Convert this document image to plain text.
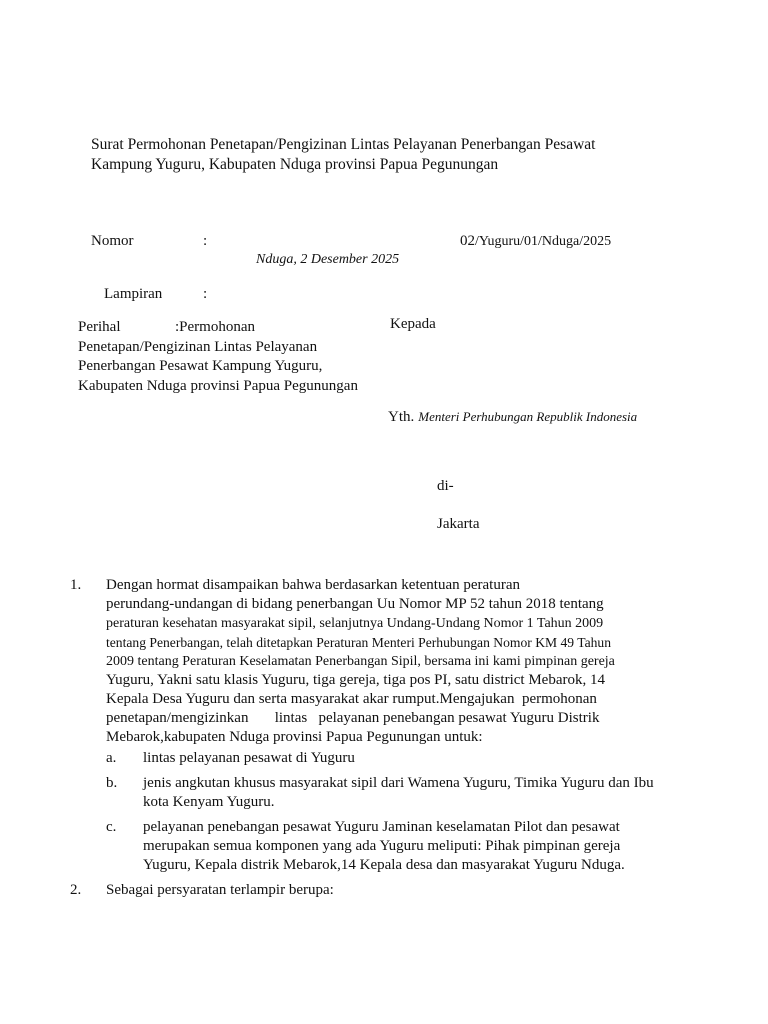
Surat Permohonan Penetapan/Pengizinan Lintas Pelayanan Penerbangan Pesawat
Kampung Yuguru, Kabupaten Nduga provinsi Papua Pegunungan
Nomor	:	02/Yuguru/01/Nduga/2025
Nduga, 2 Desember 2025
Lampiran	:
Perihal	:Permohonan Penetapan/Pengizinan Lintas Pelayanan Penerbangan Pesawat Kampung Yuguru, Kabupaten Nduga provinsi Papua Pegunungan
Kepada
Yth. Menteri Perhubungan Republik Indonesia
di-
Jakarta
1. Dengan hormat disampaikan bahwa berdasarkan ketentuan peraturan
perundang-undangan di bidang penerbangan Uu Nomor MP 52 tahun 2018 tentang
peraturan kesehatan masyarakat sipil, selanjutnya Undang-Undang Nomor 1 Tahun 2009
tentang Penerbangan, telah ditetapkan Peraturan Menteri Perhubungan Nomor KM 49 Tahun
2009 tentang Peraturan Keselamatan Penerbangan Sipil, bersama ini kami pimpinan gereja
Yuguru, Yakni satu klasis Yuguru, tiga gereja, tiga pos PI, satu district Mebarok, 14
Kepala Desa Yuguru dan serta masyarakat akar rumput.Mengajukan  permohonan
penetapan/mengizinkan       lintas   pelayanan penebangan pesawat Yuguru Distrik
Mebarok,kabupaten Nduga provinsi Papua Pegunungan untuk:
a. lintas pelayanan pesawat di Yuguru
b. jenis angkutan khusus masyarakat sipil dari Wamena Yuguru, Timika Yuguru dan Ibu
kota Kenyam Yuguru.
c. pelayanan penebangan pesawat Yuguru Jaminan keselamatan Pilot dan pesawat
merupakan semua komponen yang ada Yuguru meliputi: Pihak pimpinan gereja
Yuguru, Kepala distrik Mebarok,14 Kepala desa dan masyarakat Yuguru Nduga.
2. Sebagai persyaratan terlampir berupa:
